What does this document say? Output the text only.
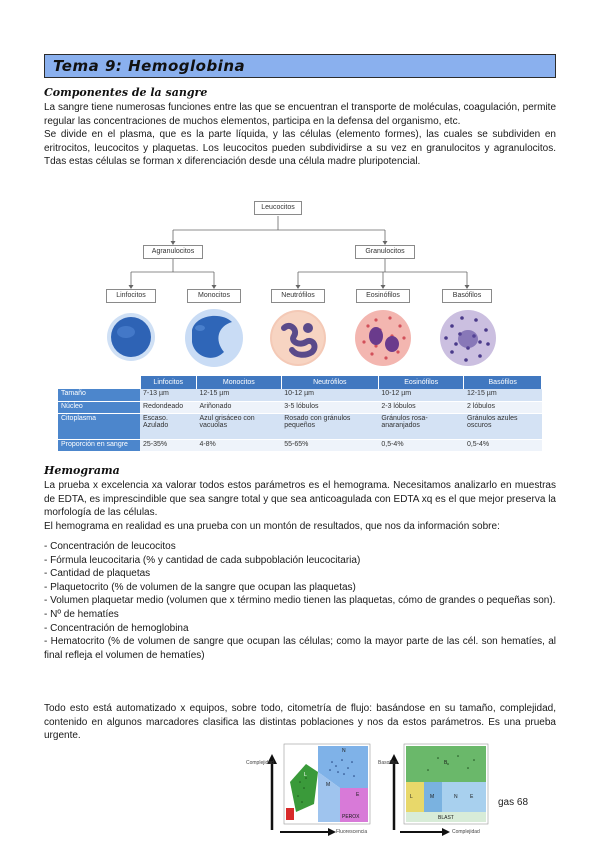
Tema 9: Hemoglobina
Componentes de la sangre

La sangre tiene numerosas funciones entre las que se encuentran el transporte de moléculas, coagulación, permite regular las concentraciones de muchos elementos, participa en la defensa del organismo, etc.

Se divide en el plasma, que es la parte líquida, y las células (elemento formes), las cuales se subdividen en eritrocitos, leucocitos y plaquetas. Los leucocitos pueden subdividirse a su vez en granulocitos y agranulocitos. Tdas estas células se forman x diferenciación desde una célula madre pluripotencial.

Leucocitos
Agranulocitos	Granulocitos
Linfocitos	Monocitos	Neutrófilos	Eosinófilos	Basófilos
	Linfocitos	Monocitos	Neutrófilos	Eosinófilos	Basófilos
Tamaño	7-13 µm	12-15 µm	10-12 µm	10-12 µm	12-15 µm
Núcleo	Redondeado	Ariñonado	3-5 lóbulos	2-3 lóbulos	2 lóbulos
Citoplasma	Escaso. Azulado	Azul grisáceo con vacuolas	Rosado con gránulos pequeños	Gránulos rosa-anaranjados	Gránulos azules oscuros
Proporción en sangre	25-35%	4-8%	55-65%	0,5-4%	0,5-4%
Hemograma

La prueba x excelencia xa valorar todos estos parámetros es el hemograma. Necesitamos analizarlo en muestras de EDTA, es imprescindible que sea sangre total y que sea anticoagulada con EDTA xq es el que mejor preserva la morfología de las células.

El hemograma en realidad es una prueba con un montón de resultados, que nos da información sobre:

- Concentración de leucocitos
- Fórmula leucocitaria (% y cantidad de cada subpoblación leucocitaria)
- Cantidad de plaquetas
- Plaquetocrito (% de volumen de la sangre que ocupan las plaquetas)
- Volumen plaquetar medio (volumen que x término medio tienen las plaquetas, cómo de grandes o pequeñas son).
- Nº de hematíes
- Concentración de hemoglobina
- Hematocrito (% de volumen de sangre que ocupan las células; como la mayor parte de las cél. son hematíes, al final refleja el volumen de hematíes)
Todo esto está automatizado x equipos, sobre todo, citometría de flujo: basándose en su tamaño, complejidad, contenido en algunos marcadores clasifica las distintas poblaciones y nos da estos parámetros. Es una prueba urgente.
Complejidad
Fluorescencia
N
E
M
L
PEROX
Basofilia
Complejidad
B
L	M	N E
BLAST
gas 68
